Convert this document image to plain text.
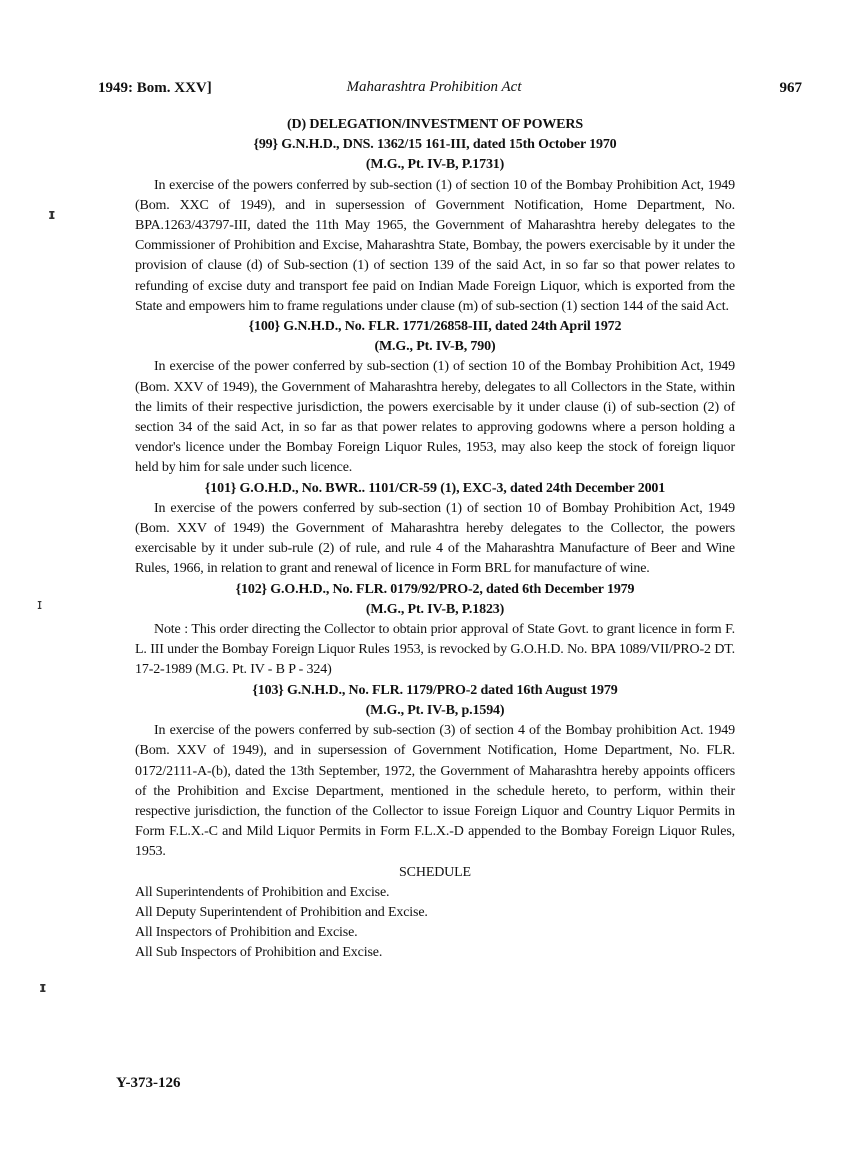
1949: Bom. XXV]	Maharashtra Prohibition Act	967
ɪ
ɪ
ɪ

(D) DELEGATION/INVESTMENT OF POWERS

{99} G.N.H.D., DNS. 1362/15 161-III, dated 15th October 1970

(M.G., Pt. IV-B, P.1731)

In exercise of the powers conferred by sub-section (1) of section 10 of the Bombay Prohibition Act, 1949 (Bom. XXC of 1949), and in supersession of Government Notification, Home Department, No. BPA.1263/43797-III, dated the 11th May 1965, the Government of Maharashtra hereby delegates to the Commissioner of Prohibition and Excise, Maharashtra State, Bombay, the powers exercisable by it under the provision of clause (d) of Sub-section (1) of section 139 of the said Act, in so far so that power relates to refunding of excise duty and transport fee paid on Indian Made Foreign Liquor, which is exported from the State and empowers him to frame regulations under clause (m) of sub-section (1) section 144 of the said Act.

{100} G.N.H.D., No. FLR. 1771/26858-III, dated 24th April 1972

(M.G., Pt. IV-B, 790)

In exercise of the power conferred by sub-section (1) of section 10 of the Bombay Prohibition Act, 1949 (Bom. XXV of 1949), the Government of Maharashtra hereby, delegates to all Collectors in the State, within the limits of their respective jurisdiction, the powers exercisable by it under clause (i) of sub-section (2) of section 34 of the said Act, in so far as that power relates to approving godowns where a person holding a vendor's licence under the Bombay Foreign Liquor Rules, 1953, may also keep the stock of foreign liquor held by him for sale under such licence.

{101} G.O.H.D., No. BWR.. 1101/CR-59 (1), EXC-3, dated 24th December 2001

In exercise of the powers conferred by sub-section (1) of section 10 of Bombay Prohibition Act, 1949 (Bom. XXV of 1949) the Government of Maharashtra hereby delegates to the Collector, the powers exercisable by it under sub-rule (2) of rule, and rule 4 of the Maharashtra Manufacture of Beer and Wine Rules, 1966, in relation to grant and renewal of licence in Form BRL for manufacture of wine.

{102} G.O.H.D., No. FLR. 0179/92/PRO-2, dated 6th December 1979

(M.G., Pt. IV-B, P.1823)

Note : This order directing the Collector to obtain prior approval of State Govt. to grant licence in form F. L. III under the Bombay Foreign Liquor Rules 1953, is revocked by G.O.H.D. No. BPA 1089/VII/PRO-2 DT. 17-2-1989 (M.G. Pt. IV - B P - 324)

{103} G.N.H.D., No. FLR. 1179/PRO-2 dated 16th August 1979

(M.G., Pt. IV-B, p.1594)

In exercise of the powers conferred by sub-section (3) of section 4 of the Bombay prohibition Act. 1949 (Bom. XXV of 1949), and in supersession of Government Notification, Home Department, No. FLR. 0172/2111-A-(b), dated the 13th September, 1972, the Government of Maharashtra hereby appoints officers of the Prohibition and Excise Department, mentioned in the schedule hereto, to perform, within their respective jurisdiction, the function of the Collector to issue Foreign Liquor and Country Liquor Permits in Form F.L.X.-C and Mild Liquor Permits in Form F.L.X.-D appended to the Bombay Foreign Liquor Rules, 1953.

SCHEDULE

All Superintendents of Prohibition and Excise.

All Deputy Superintendent of Prohibition and Excise.

All Inspectors of Prohibition and Excise.

All Sub Inspectors of Prohibition and Excise.

Y-373-126
